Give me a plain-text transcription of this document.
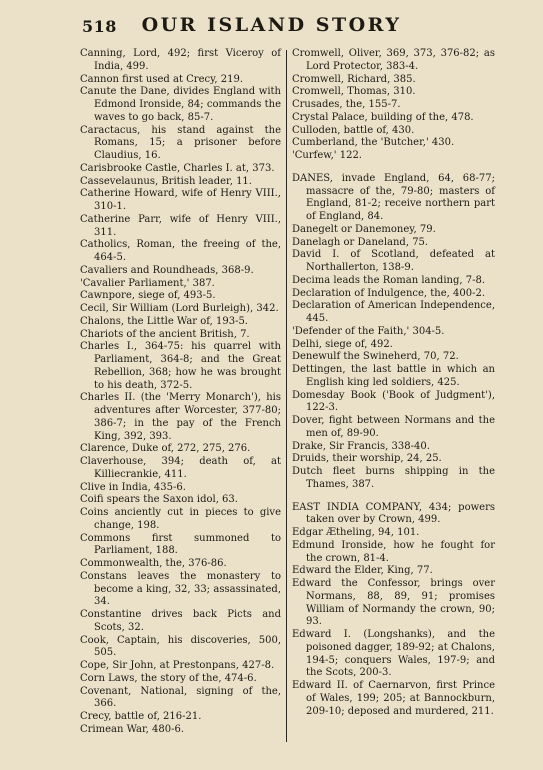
518	OUR ISLAND STORY
Canning, Lord, 492; first Viceroy of India, 499.
Cannon first used at Crecy, 219.
Canute the Dane, divides England with Edmond Ironside, 84; commands the waves to go back, 85-7.
Caractacus, his stand against the Romans, 15; a prisoner before Claudius, 16.
Carisbrooke Castle, Charles I. at, 373.
Cassevelaunus, British leader, 11.
Catherine Howard, wife of Henry VIII., 310-1.
Catherine Parr, wife of Henry VIII., 311.
Catholics, Roman, the freeing of the, 464-5.
Cavaliers and Roundheads, 368-9.
'Cavalier Parliament,' 387.
Cawnpore, siege of, 493-5.
Cecil, Sir William (Lord Burleigh), 342.
Chalons, the Little War of, 193-5.
Chariots of the ancient British, 7.
Charles I., 364-75: his quarrel with Parliament, 364-8; and the Great Rebellion, 368; how he was brought to his death, 372-5.
Charles II. (the 'Merry Monarch'), his adventures after Worcester, 377-80; 386-7; in the pay of the French King, 392, 393.
Clarence, Duke of, 272, 275, 276.
Claverhouse, 394; death of, at Killiecrankie, 411.
Clive in India, 435-6.
Coifi spears the Saxon idol, 63.
Coins anciently cut in pieces to give change, 198.
Commons first summoned to Parliament, 188.
Commonwealth, the, 376-86.
Constans leaves the monastery to become a king, 32, 33; assassinated, 34.
Constantine drives back Picts and Scots, 32.
Cook, Captain, his discoveries, 500, 505.
Cope, Sir John, at Prestonpans, 427-8.
Corn Laws, the story of the, 474-6.
Covenant, National, signing of the, 366.
Crecy, battle of, 216-21.
Crimean War, 480-6.
Cromwell, Oliver, 369, 373, 376-82; as Lord Protector, 383-4.
Cromwell, Richard, 385.
Cromwell, Thomas, 310.
Crusades, the, 155-7.
Crystal Palace, building of the, 478.
Culloden, battle of, 430.
Cumberland, the 'Butcher,' 430.
'Curfew,' 122.
DANES, invade England, 64, 68-77; massacre of the, 79-80; masters of England, 81-2; receive northern part of England, 84.
Danegelt or Danemoney, 79.
Danelagh or Daneland, 75.
David I. of Scotland, defeated at Northallerton, 138-9.
Decima leads the Roman landing, 7-8.
Declaration of Indulgence, the, 400-2.
Declaration of American Independence, 445.
'Defender of the Faith,' 304-5.
Delhi, siege of, 492.
Denewulf the Swineherd, 70, 72.
Dettingen, the last battle in which an English king led soldiers, 425.
Domesday Book ('Book of Judgment'), 122-3.
Dover, fight between Normans and the men of, 89-90.
Drake, Sir Francis, 338-40.
Druids, their worship, 24, 25.
Dutch fleet burns shipping in the Thames, 387.
EAST INDIA COMPANY, 434; powers taken over by Crown, 499.
Edgar Ætheling, 94, 101.
Edmund Ironside, how he fought for the crown, 81-4.
Edward the Elder, King, 77.
Edward the Confessor, brings over Normans, 88, 89, 91; promises William of Normandy the crown, 90; 93.
Edward I. (Longshanks), and the poisoned dagger, 189-92; at Chalons, 194-5; conquers Wales, 197-9; and the Scots, 200-3.
Edward II. of Caernarvon, first Prince of Wales, 199; 205; at Bannockburn, 209-10; deposed and murdered, 211.
